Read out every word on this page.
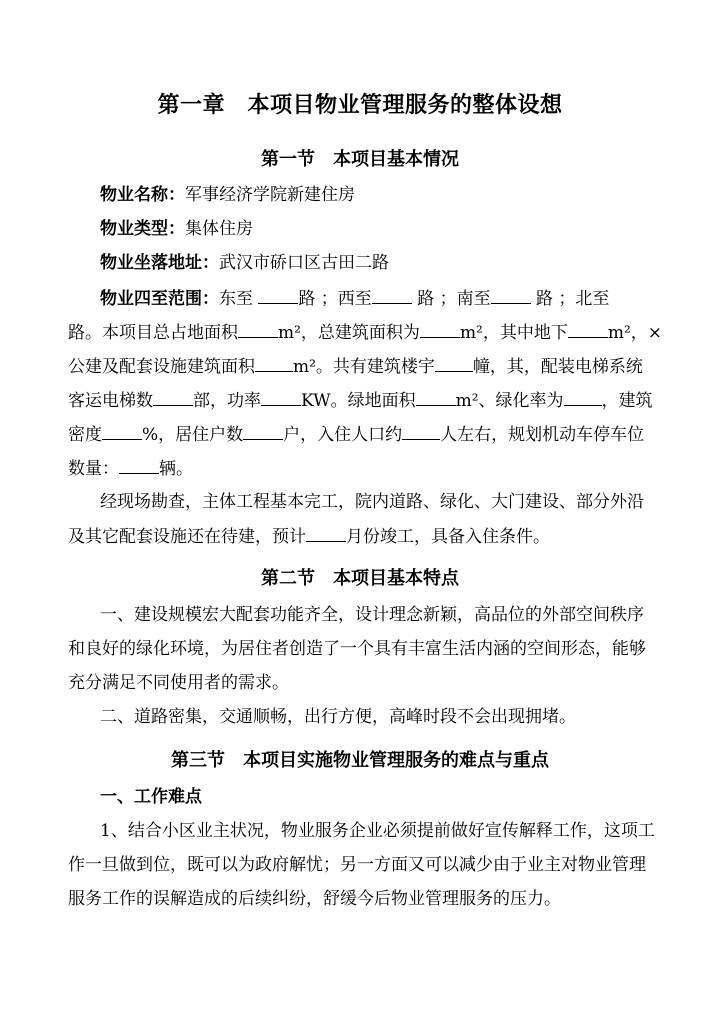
第一章　本项目物业管理服务的整体设想
第一节　本项目基本情况
物业名称：军事经济学院新建住房
物业类型：集体住房
物业坐落地址：武汉市硚口区古田二路
物业四至范围：东至	路 ；西至	路 ；南至	路 ；北至
路。本项目总占地面积 m²，总建筑面积为 m²，其中地下 m²，×
公建及配套设施建筑面积 m²。共有建筑楼宇 幢，其，配装电梯系统
客运电梯数 部，功率 KW。绿地面积 m²、绿化率为 ，建筑
密度 %，居住户数 户，入住人口约 人左右，规划机动车停车位
数量： 辆。
经现场勘查，主体工程基本完工，院内道路、绿化、大门建设、部分外沿
及其它配套设施还在待建，预计 月份竣工，具备入住条件。
第二节　本项目基本特点
一、建设规模宏大配套功能齐全，设计理念新颖，高品位的外部空间秩序
和良好的绿化环境，为居住者创造了一个具有丰富生活内涵的空间形态，能够
充分满足不同使用者的需求。
二、道路密集，交通顺畅，出行方便，高峰时段不会出现拥堵。
第三节　本项目实施物业管理服务的难点与重点
一、工作难点
1、结合小区业主状况，物业服务企业必须提前做好宣传解释工作，这项工
作一旦做到位，既可以为政府解忧；另一方面又可以减少由于业主对物业管理
服务工作的误解造成的后续纠纷，舒缓今后物业管理服务的压力。
